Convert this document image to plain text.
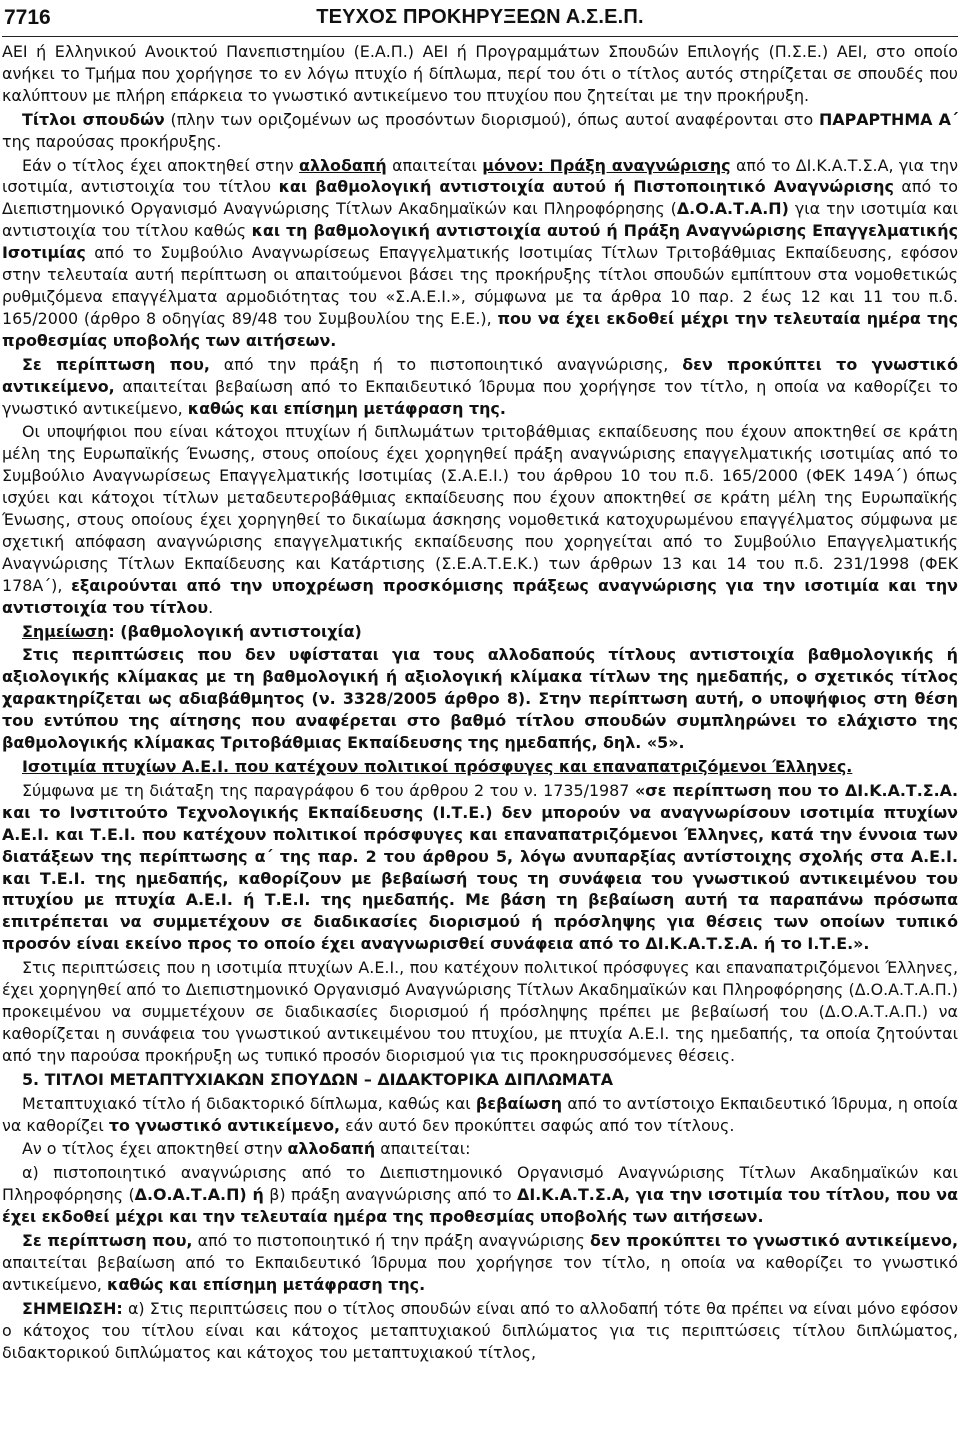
7716	ΤΕΥΧΟΣ ΠΡΟΚΗΡΥΞΕΩΝ Α.Σ.Ε.Π.

ΑΕΙ ή Ελληνικού Ανοικτού Πανεπιστημίου (Ε.Α.Π.) ΑΕΙ ή Προγραμμάτων Σπουδών Επιλογής (Π.Σ.Ε.) ΑΕΙ, στο οποίο ανήκει το Τμήμα που χορήγησε το εν λόγω πτυχίο ή δίπλωμα, περί του ότι ο τίτλος αυτός στηρίζεται σε σπουδές που καλύπτουν με πλήρη επάρκεια το γνωστικό αντικείμενο του πτυχίου που ζητείται με την προκήρυξη.

Τίτλοι σπουδών (πλην των οριζομένων ως προσόντων διορισμού), όπως αυτοί αναφέρονται στο ΠΑΡΑΡΤΗΜΑ Α΄ της παρούσας προκήρυξης.

Εάν ο τίτλος έχει αποκτηθεί στην αλλοδαπή απαιτείται μόνον: Πράξη αναγνώρισης από το ΔΙ.Κ.Α.Τ.Σ.Α, για την ισοτιμία, αντιστοιχία του τίτλου και βαθμολογική αντιστοιχία αυτού ή Πιστοποιητικό Αναγνώρισης από το Διεπιστημονικό Οργανισμό Αναγνώρισης Τίτλων Ακαδημαϊκών και Πληροφόρησης (Δ.Ο.Α.Τ.Α.Π) για την ισοτιμία και αντιστοιχία του τίτλου καθώς και τη βαθμολογική αντιστοιχία αυτού ή Πράξη Αναγνώρισης Επαγγελματικής Ισοτιμίας από το Συμβούλιο Αναγνωρίσεως Επαγγελματικής Ισοτιμίας Τίτλων Τριτοβάθμιας Εκπαίδευσης, εφόσον στην τελευταία αυτή περίπτωση οι απαιτούμενοι βάσει της προκήρυξης τίτλοι σπουδών εμπίπτουν στα νομοθετικώς ρυθμιζόμενα επαγγέλματα αρμοδιότητας του «Σ.Α.Ε.Ι.», σύμφωνα με τα άρθρα 10 παρ. 2 έως 12 και 11 του π.δ. 165/2000 (άρθρο 8 οδηγίας 89/48 του Συμβουλίου της Ε.Ε.), που να έχει εκδοθεί μέχρι την τελευταία ημέρα της προθεσμίας υποβολής των αιτήσεων.

Σε περίπτωση που, από την πράξη ή το πιστοποιητικό αναγνώρισης, δεν προκύπτει το γνωστικό αντικείμενο, απαιτείται βεβαίωση από το Εκπαιδευτικό Ίδρυμα που χορήγησε τον τίτλο, η οποία να καθορίζει το γνωστικό αντικείμενο, καθώς και επίσημη μετάφραση της.

Οι υποψήφιοι που είναι κάτοχοι πτυχίων ή διπλωμάτων τριτοβάθμιας εκπαίδευσης που έχουν αποκτηθεί σε κράτη μέλη της Ευρωπαϊκής Ένωσης, στους οποίους έχει χορηγηθεί πράξη αναγνώρισης επαγγελματικής ισοτιμίας από το Συμβούλιο Αναγνωρίσεως Επαγγελματικής Ισοτιμίας (Σ.Α.Ε.Ι.) του άρθρου 10 του π.δ. 165/2000 (ΦΕΚ 149Α΄) όπως ισχύει και κάτοχοι τίτλων μεταδευτεροβάθμιας εκπαίδευσης που έχουν αποκτηθεί σε κράτη μέλη της Ευρωπαϊκής Ένωσης, στους οποίους έχει χορηγηθεί το δικαίωμα άσκησης νομοθετικά κατοχυρωμένου επαγγέλματος σύμφωνα με σχετική απόφαση αναγνώρισης επαγγελματικής εκπαίδευσης που χορηγείται από το Συμβούλιο Επαγγελματικής Αναγνώρισης Τίτλων Εκπαίδευσης και Κατάρτισης (Σ.Ε.Α.Τ.Ε.Κ.) των άρθρων 13 και 14 του π.δ. 231/1998 (ΦΕΚ 178Α΄), εξαιρούνται από την υποχρέωση προσκόμισης πράξεως αναγνώρισης για την ισοτιμία και την αντιστοιχία του τίτλου.

Σημείωση: (βαθμολογική αντιστοιχία)

Στις περιπτώσεις που δεν υφίσταται για τους αλλοδαπούς τίτλους αντιστοιχία βαθμολογικής ή αξιολογικής κλίμακας με τη βαθμολογική ή αξιολογική κλίμακα τίτλων της ημεδαπής, ο σχετικός τίτλος χαρακτηρίζεται ως αδιαβάθμητος (ν. 3328/2005 άρθρο 8). Στην περίπτωση αυτή, ο υποψήφιος στη θέση του εντύπου της αίτησης που αναφέρεται στο βαθμό τίτλου σπουδών συμπληρώνει το ελάχιστο της βαθμολογικής κλίμακας Τριτοβάθμιας Εκπαίδευσης της ημεδαπής, δηλ. «5».

Ισοτιμία πτυχίων Α.Ε.Ι. που κατέχουν πολιτικοί πρόσφυγες και επαναπατριζόμενοι Έλληνες.

Σύμφωνα με τη διάταξη της παραγράφου 6 του άρθρου 2 του ν. 1735/1987 «σε περίπτωση που το ΔΙ.Κ.Α.Τ.Σ.Α. και το Ινστιτούτο Τεχνολογικής Εκπαίδευσης (Ι.Τ.Ε.) δεν μπορούν να αναγνωρίσουν ισοτιμία πτυχίων Α.Ε.Ι. και Τ.Ε.Ι. που κατέχουν πολιτικοί πρόσφυγες και επαναπατριζόμενοι Έλληνες, κατά την έννοια των διατάξεων της περίπτωσης α΄ της παρ. 2 του άρθρου 5, λόγω ανυπαρξίας αντίστοιχης σχολής στα Α.Ε.Ι. και Τ.Ε.Ι. της ημεδαπής, καθορίζουν με βεβαίωσή τους τη συνάφεια του γνωστικού αντικειμένου του πτυχίου με πτυχία Α.Ε.Ι. ή Τ.Ε.Ι. της ημεδαπής. Με βάση τη βεβαίωση αυτή τα παραπάνω πρόσωπα επιτρέπεται να συμμετέχουν σε διαδικασίες διορισμού ή πρόσληψης για θέσεις των οποίων τυπικό προσόν είναι εκείνο προς το οποίο έχει αναγνωρισθεί συνάφεια από το ΔΙ.Κ.Α.Τ.Σ.Α. ή το Ι.Τ.Ε.».

Στις περιπτώσεις που η ισοτιμία πτυχίων Α.Ε.Ι., που κατέχουν πολιτικοί πρόσφυγες και επαναπατριζόμενοι Έλληνες, έχει χορηγηθεί από το Διεπιστημονικό Οργανισμό Αναγνώρισης Τίτλων Ακαδημαϊκών και Πληροφόρησης (Δ.Ο.Α.Τ.Α.Π.) προκειμένου να συμμετέχουν σε διαδικασίες διορισμού ή πρόσληψης πρέπει με βεβαίωσή του (Δ.Ο.Α.Τ.Α.Π.) να καθορίζεται η συνάφεια του γνωστικού αντικειμένου του πτυχίου, με πτυχία Α.Ε.Ι. της ημεδαπής, τα οποία ζητούνται από την παρούσα προκήρυξη ως τυπικό προσόν διορισμού για τις προκηρυσσόμενες θέσεις.

5. ΤΙΤΛΟΙ ΜΕΤΑΠΤΥΧΙΑΚΩΝ ΣΠΟΥΔΩΝ – ΔΙΔΑΚΤΟΡΙΚΑ ΔΙΠΛΩΜΑΤΑ

Μεταπτυχιακό τίτλο ή διδακτορικό δίπλωμα, καθώς και βεβαίωση από το αντίστοιχο Εκπαιδευτικό Ίδρυμα, η οποία να καθορίζει το γνωστικό αντικείμενο, εάν αυτό δεν προκύπτει σαφώς από τον τίτλους.

Αν ο τίτλος έχει αποκτηθεί στην αλλοδαπή απαιτείται:

α) πιστοποιητικό αναγνώρισης από το Διεπιστημονικό Οργανισμό Αναγνώρισης Τίτλων Ακαδημαϊκών και Πληροφόρησης (Δ.Ο.Α.Τ.Α.Π) ή β) πράξη αναγνώρισης από το ΔΙ.Κ.Α.Τ.Σ.Α, για την ισοτιμία του τίτλου, που να έχει εκδοθεί μέχρι και την τελευταία ημέρα της προθεσμίας υποβολής των αιτήσεων.

Σε περίπτωση που, από το πιστοποιητικό ή την πράξη αναγνώρισης δεν προκύπτει το γνωστικό αντικείμενο, απαιτείται βεβαίωση από το Εκπαιδευτικό Ίδρυμα που χορήγησε τον τίτλο, η οποία να καθορίζει το γνωστικό αντικείμενο, καθώς και επίσημη μετάφραση της.

ΣΗΜΕΙΩΣΗ: α) Στις περιπτώσεις που ο τίτλος σπουδών είναι από το αλλοδαπή τότε θα πρέπει να είναι μόνο εφόσον ο κάτοχος του τίτλου είναι και κάτοχος μεταπτυχιακού διπλώματος για τις περιπτώσεις τίτλου διπλώματος, διδακτορικού διπλώματος και κάτοχος του μεταπτυχιακού τίτλος,
